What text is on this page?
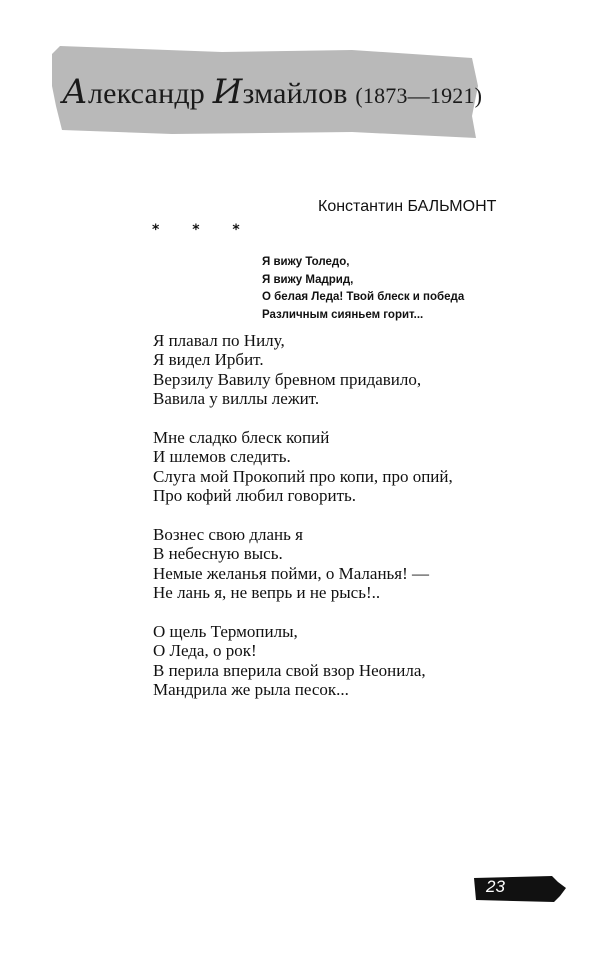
Александр Измайлов (1873—1921)
Константин БАЛЬМОНТ
* * *
Я вижу Толедо,
Я вижу Мадрид,
О белая Леда! Твой блеск и победа
Различным сияньем горит...
Я плавал по Нилу,
Я видел Ирбит.
Верзилу Вавилу бревном придавило,
Вавила у виллы лежит.
Мне сладко блеск копий
И шлемов следить.
Слуга мой Прокопий про копи, про опий,
Про кофий любил говорить.
Вознес свою длань я
В небесную высь.
Немые желанья пойми, о Маланья! —
Не лань я, не вепрь и не рысь!..
О щель Термопилы,
О Леда, о рок!
В перила вперила свой взор Неонила,
Мандрила же рыла песок...
23
